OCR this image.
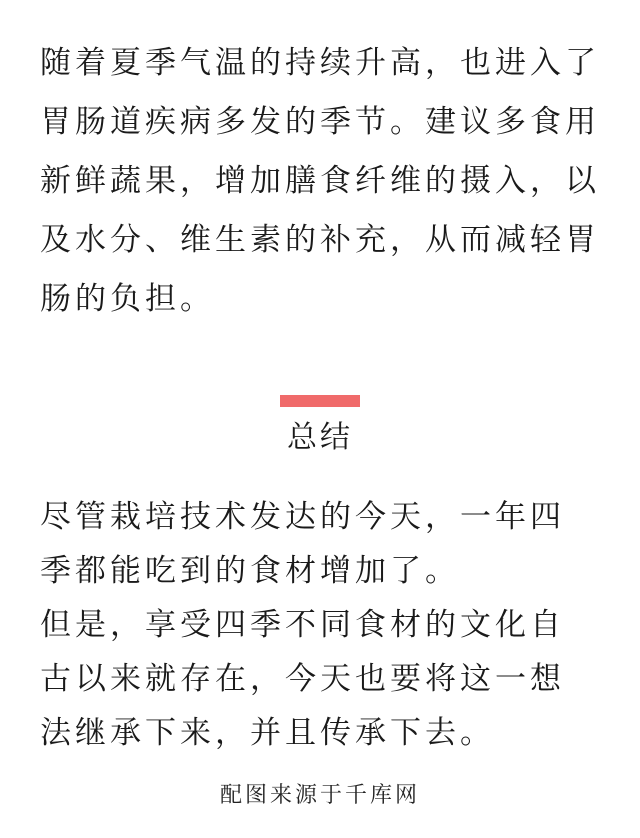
随着夏季气温的持续升高，也进入了胃肠道疾病多发的季节。建议多食用新鲜蔬果，增加膳食纤维的摄入，以及水分、维生素的补充，从而减轻胃肠的负担。

总结

尽管栽培技术发达的今天，一年四季都能吃到的食材增加了。

但是，享受四季不同食材的文化自古以来就存在，今天也要将这一想法继承下来，并且传承下去。

配图来源于千库网
